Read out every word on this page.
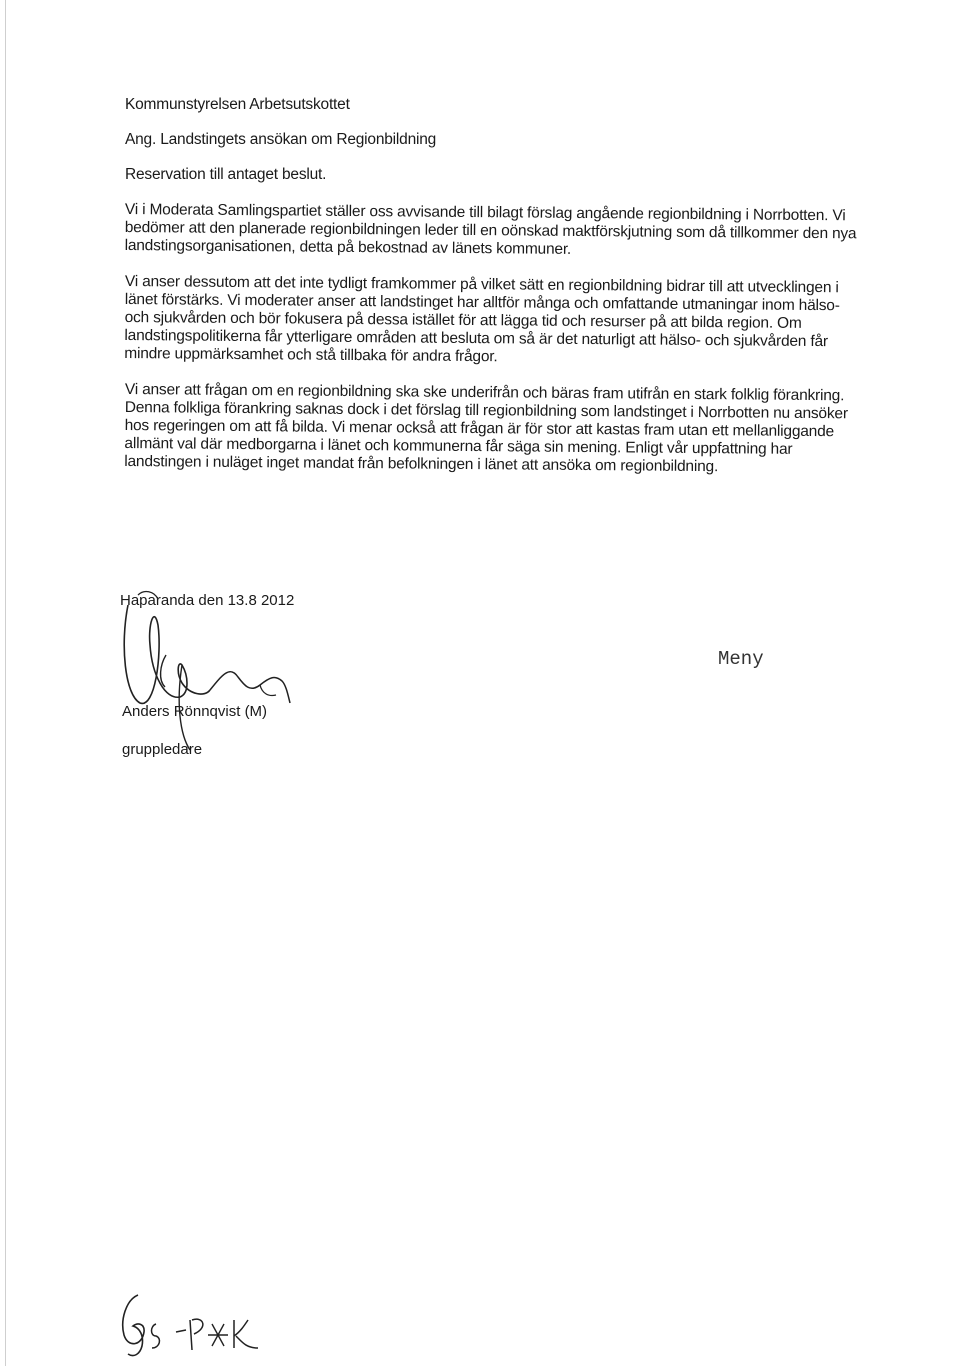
Kommunstyrelsen Arbetsutskottet
Ang. Landstingets ansökan om Regionbildning
Reservation till antaget beslut.

Vi i Moderata Samlingspartiet ställer oss avvisande till bilagt förslag angående regionbildning i Norrbotten. Vi bedömer att den planerade regionbildningen leder till en oönskad maktförskjutning som då tillkommer den nya landstingsorganisationen, detta på bekostnad av länets kommuner.

Vi anser dessutom att det inte tydligt framkommer på vilket sätt en regionbildning bidrar till att utvecklingen i länet förstärks. Vi moderater anser att landstinget har alltför många och omfattande utmaningar inom hälso- och sjukvården och bör fokusera på dessa istället för att lägga tid och resurser på att bilda region. Om landstingspolitikerna får ytterligare områden att besluta om så är det naturligt att hälso- och sjukvården får mindre uppmärksamhet och stå tillbaka för andra frågor.

Vi anser att frågan om en regionbildning ska ske underifrån och bäras fram utifrån en stark folklig förankring. Denna folkliga förankring saknas dock i det förslag till regionbildning som landstinget i Norrbotten nu ansöker hos regeringen om att få bilda. Vi menar också att frågan är för stor att kastas fram utan ett mellanliggande allmänt val där medborgarna i länet och kommunerna får säga sin mening. Enligt vår uppfattning har landstingen i nuläget inget mandat från befolkningen i länet att ansöka om regionbildning.

Haparanda den 13.8 2012
Meny
Anders Rönnqvist (M)
gruppledare
